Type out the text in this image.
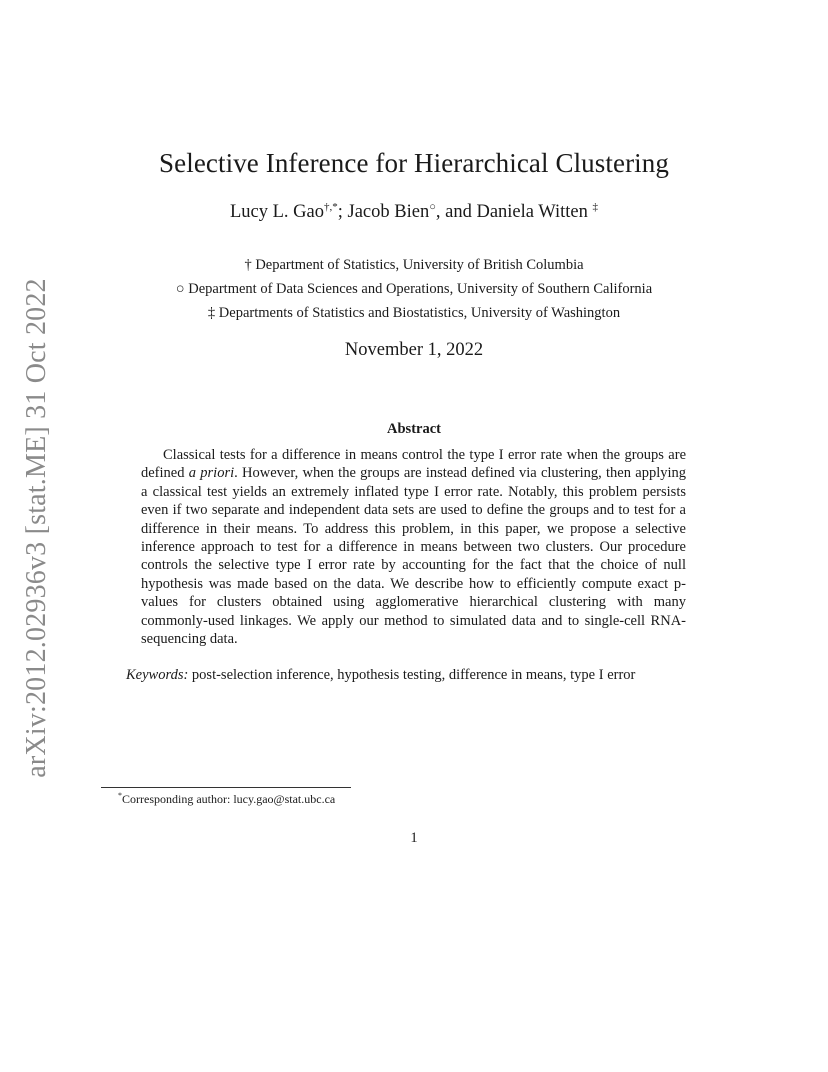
arXiv:2012.02936v3 [stat.ME] 31 Oct 2022
Selective Inference for Hierarchical Clustering
Lucy L. Gao†,*; Jacob Bien○, and Daniela Witten ‡
† Department of Statistics, University of British Columbia
○ Department of Data Sciences and Operations, University of Southern California
‡ Departments of Statistics and Biostatistics, University of Washington
November 1, 2022
Abstract
Classical tests for a difference in means control the type I error rate when the groups are defined a priori. However, when the groups are instead defined via clustering, then applying a classical test yields an extremely inflated type I error rate. Notably, this problem persists even if two separate and independent data sets are used to define the groups and to test for a difference in their means. To address this problem, in this paper, we propose a selective inference approach to test for a difference in means between two clusters. Our procedure controls the selective type I error rate by accounting for the fact that the choice of null hypothesis was made based on the data. We describe how to efficiently compute exact p-values for clusters obtained using agglomerative hierarchical clustering with many commonly-used linkages. We apply our method to simulated data and to single-cell RNA-sequencing data.
Keywords: post-selection inference, hypothesis testing, difference in means, type I error
*Corresponding author: lucy.gao@stat.ubc.ca
1
